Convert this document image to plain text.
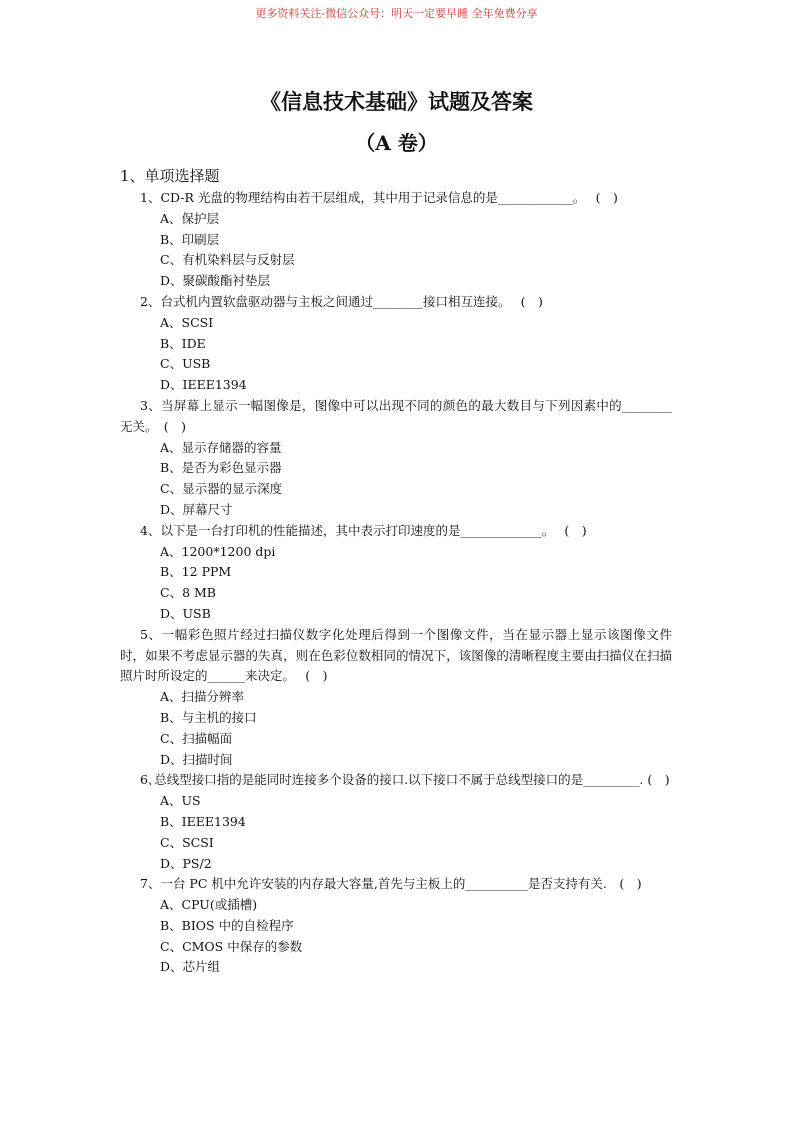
更多资料关注-微信公众号：明天一定要早睡 全年免费分享
《信息技术基础》试题及答案
（A 卷）
1、单项选择题
1、CD-R 光盘的物理结构由若干层组成，其中用于记录信息的是____________。　 (　)
A、保护层
B、印刷层
C、有机染料层与反射层
D、聚碳酸酯衬垫层
2、台式机内置软盘驱动器与主板之间通过________接口相互连接。　 (　)
A、SCSI
B、IDE
C、USB
D、IEEE1394
3、当屏幕上显示一幅图像是，图像中可以出现不同的颜色的最大数目与下列因素中的________无关。　(　)
A、显示存储器的容量
B、是否为彩色显示器
C、显示器的显示深度
D、屏幕尺寸
4、以下是一台打印机的性能描述，其中表示打印速度的是_____________。　 (　)
A、1200*1200 dpi
B、12 PPM
C、8 MB
D、USB
5、一幅彩色照片经过扫描仪数字化处理后得到一个图像文件，当在显示器上显示该图像文件时，如果不考虑显示器的失真，则在色彩位数相同的情况下，该图像的清晰程度主要由扫描仪在扫描照片时所设定的______来决定。　 (　)
A、扫描分辨率
B、与主机的接口
C、扫描幅面
D、扫描时间
6､总线型接口指的是能同时连接多个设备的接口.以下接口不属于总线型接口的是_________. (　)
A、US
B、IEEE1394
C、SCSI
D、PS/2
7、一台 PC 机中允许安装的内存最大容量,首先与主板上的__________是否支持有关.　(　)
A、CPU(或插槽)
B、BIOS 中的自检程序
C、CMOS 中保存的参数
D、芯片组
